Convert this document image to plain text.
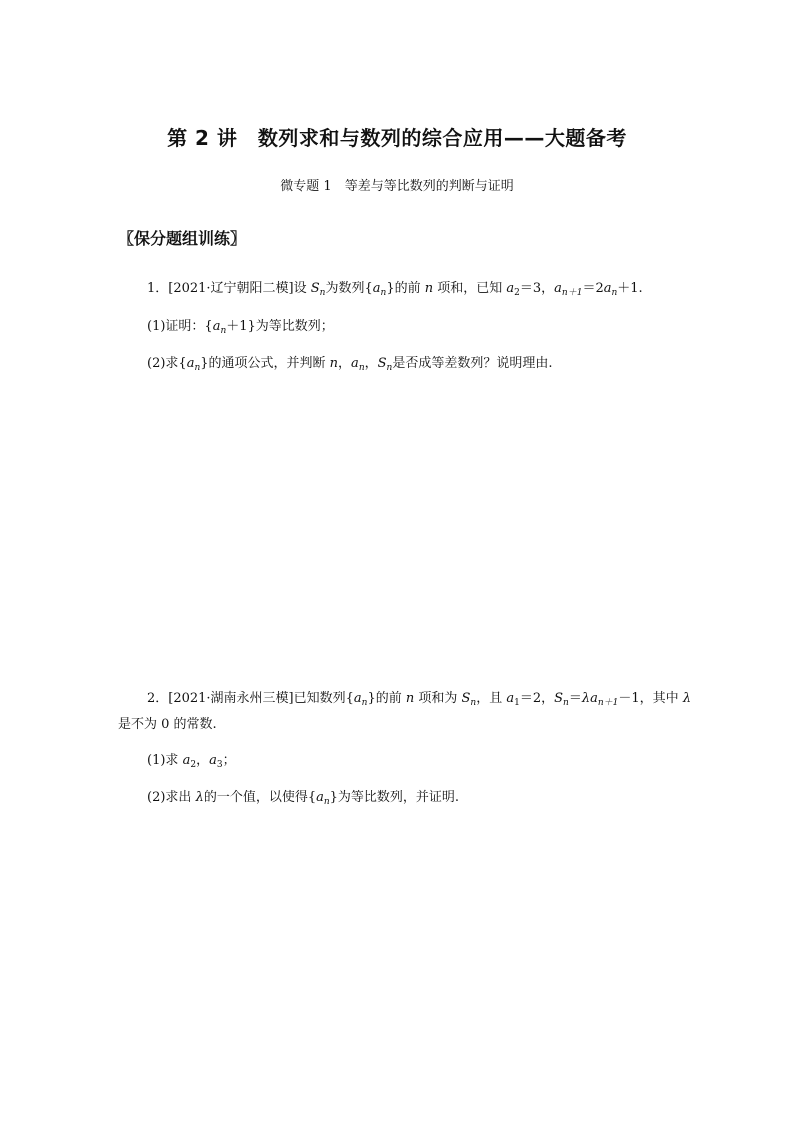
第 2 讲　数列求和与数列的综合应用——大题备考
微专题 1　等差与等比数列的判断与证明
〖保分题组训练〗
1．[2021·辽宁朝阳二模]设 $S_n$为数列$\{a_n\}$的前 n 项和，已知 $a_2=3$，$a_{n+1}=2a_n+1$.
(1)证明：$\{a_n+1\}$为等比数列；
(2)求$\{a_n\}$的通项公式，并判断 n，$a_n$，$S_n$是否成等差数列？说明理由.
2．[2021·湖南永州三模]已知数列$\{a_n\}$的前 n 项和为 $S_n$，且 $a_1=2$，$S_n=\lambda a_{n+1}-1$，其中 λ
是不为 0 的常数.
(1)求 $a_2$，$a_3$；
(2)求出 λ的一个值，以使得$\{a_n\}$为等比数列，并证明.
